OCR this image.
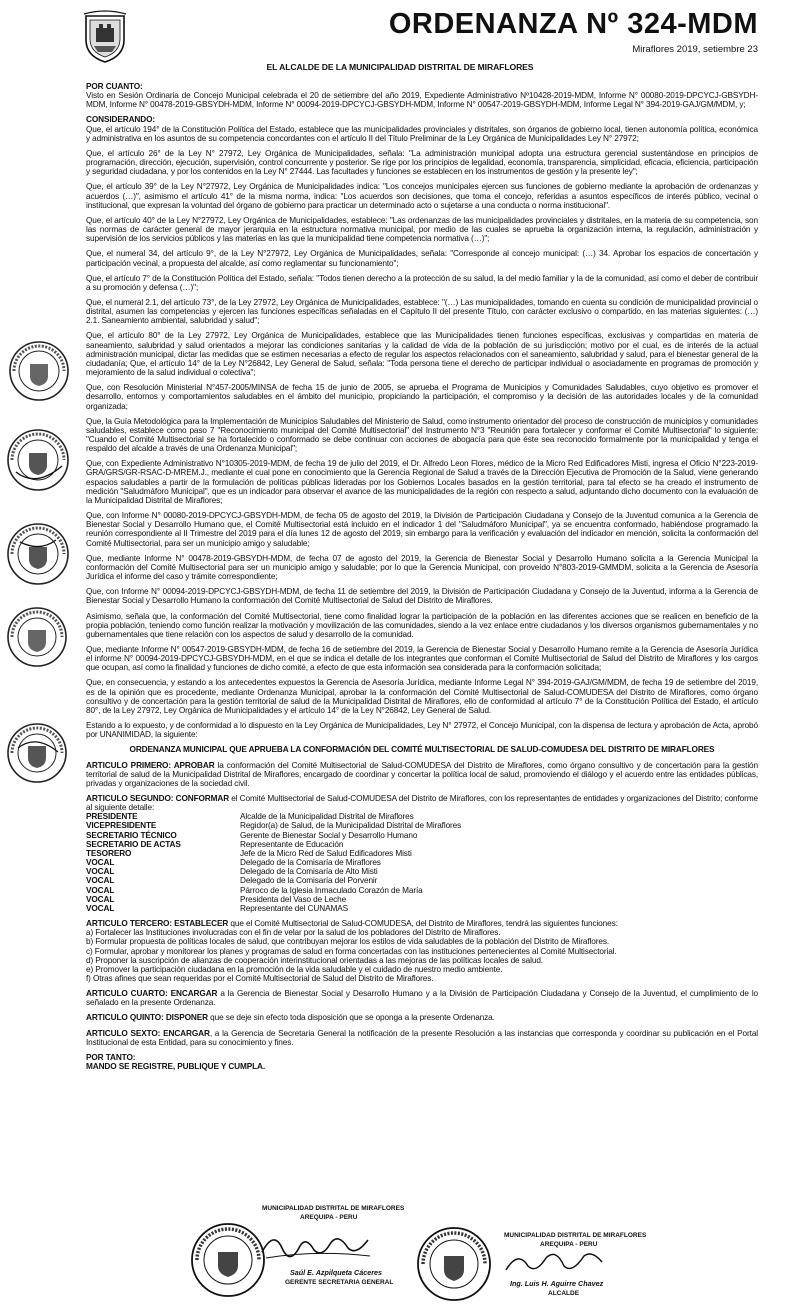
ORDENANZA Nº 324-MDM
Miraflores 2019, setiembre 23
EL ALCALDE DE LA MUNICIPALIDAD DISTRITAL DE MIRAFLORES

POR CUANTO:
Visto en Sesión Ordinaria de Concejo Municipal celebrada el 20 de setiembre del año 2019, Expediente Administrativo Nº10428-2019-MDM, Informe N° 00080-2019-DPCYCJ-GBSYDH-MDM, Informe N° 00478-2019-GBSYDH-MDM, Informe N° 00094-2019-DPCYCJ-GBSYDH-MDM, Informe N° 00547-2019-GBSYDH-MDM, Informe Legal N° 394-2019-GAJ/GM/MDM, y;

CONSIDERANDO:

Que, el artículo 194° de la Constitución Política del Estado, establece que las municipalidades provinciales y distritales, son órganos de gobierno local, tienen autonomía política, económica y administrativa en los asuntos de su competencia concordantes con el artículo II del Título Preliminar de la Ley Orgánica de Municipalidades Ley N° 27972;

Que, el artículo 26° de la Ley N° 27972, Ley Orgánica de Municipalidades, señala: "La administración municipal adopta una estructura gerencial sustentándose en principios de programación, dirección, ejecución, supervisión, control concurrente y posterior. Se rige por los principios de legalidad, economía, transparencia, simplicidad, eficacia, eficiencia, participación y seguridad ciudadana, y por los contenidos en la Ley N° 27444. Las facultades y funciones se establecen en los instrumentos de gestión y la presente ley";

Que, el artículo 39° de la Ley N°27972, Ley Orgánica de Municipalidades indica: "Los concejos municipales ejercen sus funciones de gobierno mediante la aprobación de ordenanzas y acuerdos (…)", asimismo el artículo 41° de la misma norma, indica: "Los acuerdos son decisiones, que toma el concejo, referidas a asuntos específicos de interés público, vecinal o institucional, que expresan la voluntad del órgano de gobierno para practicar un determinado acto o sujetarse a una conducta o norma institucional".

Que, el artículo 40° de la Ley N°27972, Ley Orgánica de Municipalidades, establece: "Las ordenanzas de las municipalidades provinciales y distritales, en la materia de su competencia, son las normas de carácter general de mayor jerarquía en la estructura normativa municipal, por medio de las cuales se aprueba la organización interna, la regulación, administración y supervisión de los servicios públicos y las materias en las que la municipalidad tiene competencia normativa (…)";

Que, el numeral 34, del artículo 9°, de la Ley N°27972, Ley Orgánica de Municipalidades, señala: "Corresponde al concejo municipal: (…) 34. Aprobar los espacios de concertación y participación vecinal, a propuesta del alcalde, así como reglamentar su funcionamiento";

Que, el artículo 7° de la Constitución Política del Estado, señala: "Todos tienen derecho a la protección de su salud, la del medio familiar y la de la comunidad, así como el deber de contribuir a su promoción y defensa (…)";

Que, el numeral 2.1, del artículo 73°, de la Ley 27972, Ley Orgánica de Municipalidades, establece: "(…) Las municipalidades, tomando en cuenta su condición de municipalidad provincial o distrital, asumen las competencias y ejercen las funciones específicas señaladas en el Capítulo II del presente Título, con carácter exclusivo o compartido, en las materias siguientes: (…) 2.1. Saneamiento ambiental, salubridad y salud";

Que, el artículo 80° de la Ley 27972, Ley Orgánica de Municipalidades, establece que las Municipalidades tienen funciones específicas, exclusivas y compartidas en materia de saneamiento, salubridad y salud orientados a mejorar las condiciones sanitarias y la calidad de vida de la población de su jurisdicción; motivo por el cual, es de interés de la actual administración municipal, dictar las medidas que se estimen necesarias a efecto de regular los aspectos relacionados con el saneamiento, salubridad y salud, para el bienestar general de la ciudadanía; Que, el artículo 14° de la Ley N°26842, Ley General de Salud, señala: "Toda persona tiene el derecho de participar individual o asociadamente en programas de promoción y mejoramiento de la salud individual o colectiva";

Que, con Resolución Ministerial N°457-2005/MINSA de fecha 15 de junio de 2005, se aprueba el Programa de Municipios y Comunidades Saludables, cuyo objetivo es promover el desarrollo, entornos y comportamientos saludables en el ámbito del municipio, propiciando la participación, el compromiso y la decisión de las autoridades locales y de la comunidad organizada;

Que, la Guía Metodológica para la Implementación de Municipios Saludables del Ministerio de Salud, como instrumento orientador del proceso de construcción de municipios y comunidades saludables, establece como paso 7 "Reconocimiento municipal del Comité Multisectorial" del Instrumento N°3 "Reunión para fortalecer y conformar el Comité Multisectorial" lo siguiente: "Cuando el Comité Multisectorial se ha fortalecido o conformado se debe continuar con acciones de abogacía para que éste sea reconocido formalmente por la municipalidad y tenga el respaldo del alcalde a través de una Ordenanza Municipal";

Que, con Expediente Administrativo N°10305-2019-MDM, de fecha 19 de julio del 2019, el Dr. Alfredo Leon Flores, médico de la Micro Red Edificadores Misti, ingresa el Oficio N°223-2019-GRA/GRS/GR-RSAC-D-MREM.J., mediante el cual pone en conocimiento que la Gerencia Regional de Salud a través de la Dirección Ejecutiva de Promoción de la Salud, viene generando espacios saludables a partir de la formulación de políticas públicas lideradas por los Gobiernos Locales basados en la gestión territorial, para tal efecto se ha creado el instrumento de medición "Saludmáforo Municipal", que es un indicador para observar el avance de las municipalidades de la región con respecto a salud, adjuntando dicho documento con la evaluación de la Municipalidad Distrital de Miraflores;

Que, con Informe N° 00080-2019-DPCYCJ-GBSYDH-MDM, de fecha 05 de agosto del 2019, la División de Participación Ciudadana y Consejo de la Juventud comunica a la Gerencia de Bienestar Social y Desarrollo Humano que, el Comité Multisectorial está incluido en el indicador 1 del "Saludmáforo Municipal", ya se encuentra conformado, habiéndose programado la reunión correspondiente al II Trimestre del 2019 para el día lunes 12 de agosto del 2019, sin embargo para la verificación y evaluación del indicador en mención, solicita la conformación del Comité Multisectorial, para ser un municipio amigo y saludable;

Que, mediante Informe N° 00478-2019-GBSYDH-MDM, de fecha 07 de agosto del 2019, la Gerencia de Bienestar Social y Desarrollo Humano solicita a la Gerencia Municipal la conformación del Comité Multisectorial para ser un municipio amigo y saludable; por lo que la Gerencia Municipal, con proveído N°803-2019-GMMDM, solicita a la Gerencia de Asesoría Jurídica el informe del caso y trámite correspondiente;

Que, con Informe N° 00094-2019-DPCYCJ-GBSYDH-MDM, de fecha 11 de setiembre del 2019, la División de Participación Ciudadana y Consejo de la Juventud, informa a la Gerencia de Bienestar Social y Desarrollo Humano la conformación del Comité Multisectorial de Salud del Distrito de Miraflores.

Asimismo, señala que, la conformación del Comité Multisectorial, tiene como finalidad lograr la participación de la población en las diferentes acciones que se realicen en beneficio de la propia población, teniendo como función realizar la motivación y movilización de las comunidades, siendo a la vez enlace entre ciudadanos y los diversos organismos gubernamentales y no gubernamentales que tiene relación con los aspectos de salud y desarrollo de la comunidad.

Que, mediante Informe N° 00547-2019-GBSYDH-MDM, de fecha 16 de setiembre del 2019, la Gerencia de Bienestar Social y Desarrollo Humano remite a la Gerencia de Asesoría Jurídica el informe N° 00094-2019-DPCYCJ-GBSYDH-MDM, en el que se indica el detalle de los integrantes que conforman el Comité Multisectorial de Salud del Distrito de Miraflores y los cargos que ocupan, así como la finalidad y funciones de dicho comité, a efecto de que esta información sea considerada para la conformación solicitada;

Que, en consecuencia, y estando a los antecedentes expuestos la Gerencia de Asesoría Jurídica, mediante Informe Legal N° 394-2019-GAJ/GM/MDM, de fecha 19 de setiembre del 2019, es de la opinión que es procedente, mediante Ordenanza Municipal, aprobar la la conformación del Comité Multisectorial de Salud-COMUDESA del Distrito de Miraflores, como órgano consultivo y de concertación para la gestión territorial de salud de la Municipalidad Distrital de Miraflores, ello de conformidad al artículo 7° de la Constitución Política del Estado, el artículo 80°, de la Ley 27972, Ley Orgánica de Municipalidades y el artículo 14° de la Ley N°26842, Ley General de Salud.

Estando a lo expuesto, y de conformidad a lo dispuesto en la Ley Orgánica de Municipalidades, Ley N° 27972, el Concejo Municipal, con la dispensa de lectura y aprobación de Acta, aprobó por UNANIMIDAD, la siguiente:

ORDENANZA MUNICIPAL QUE APRUEBA LA CONFORMACIÓN DEL COMITÉ MULTISECTORIAL DE SALUD-COMUDESA DEL DISTRITO DE MIRAFLORES

ARTICULO PRIMERO: APROBAR la conformación del Comité Multisectorial de Salud-COMUDESA del Distrito de Miraflores, como órgano consultivo y de concertación para la gestión territorial de salud de la Municipalidad Distrital de Miraflores, encargado de coordinar y concertar la política local de salud, promoviendo el diálogo y el acuerdo entre las entidades públicas, privadas y organizaciones de la sociedad civil.

ARTICULO SEGUNDO: CONFORMAR el Comité Multisectorial de Salud-COMUDESA del Distrito de Miraflores, con los representantes de entidades y organizaciones del Distrito; conforme al siguiente detalle:

PRESIDENTE	Alcalde de la Municipalidad Distrital de Miraflores
VICEPRESIDENTE	Regidor(a) de Salud, de la Municipalidad Distrital de Miraflores
SECRETARIO TÉCNICO	Gerente de Bienestar Social y Desarrollo Humano
SECRETARIO DE ACTAS	Representante de Educación
TESORERO	Jefe de la Micro Red de Salud Edificadores Misti
VOCAL	Delegado de la Comisaría de Miraflores
VOCAL	Delegado de la Comisaría de Alto Misti
VOCAL	Delegado de la Comisaría del Porvenir
VOCAL	Párroco de la Iglesia Inmaculado Corazón de María
VOCAL	Presidenta del Vaso de Leche
VOCAL	Representante del CUNAMAS

ARTICULO TERCERO: ESTABLECER que el Comité Multisectorial de Salud-COMUDESA, del Distrito de Miraflores, tendrá las siguientes funciones:

a) Fortalecer las Instituciones involucradas con el fin de velar por la salud de los pobladores del Distrito de Miraflores.
b) Formular propuesta de políticas locales de salud, que contribuyan mejorar los estilos de vida saludables de la población del Distrito de Miraflores.
c) Formular, aprobar y monitorear los planes y programas de salud en forma concertadas con las instituciones pertenecientes al Comité Multisectorial.
d) Proponer la suscripción de alianzas de cooperación interinstitucional orientadas a las mejoras de las políticas locales de salud.
e) Promover la participación ciudadana en la promoción de la vida saludable y el cuidado de nuestro medio ambiente.
f) Otras afines que sean requeridas por el Comité Multisectorial de Salud del Distrito de Miraflores.

ARTICULO CUARTO: ENCARGAR a la Gerencia de Bienestar Social y Desarrollo Humano y a la División de Participación Ciudadana y Consejo de la Juventud, el cumplimiento de lo señalado en la presente Ordenanza.

ARTICULO QUINTO: DISPONER que se deje sin efecto toda disposición que se oponga a la presente Ordenanza.

ARTICULO SEXTO: ENCARGAR, a la Gerencia de Secretaria General la notificación de la presente Resolución a las instancias que corresponda y coordinar su publicación en el Portal Institucional de esta Entidad, para su conocimiento y fines.

POR TANTO:
MANDO SE REGISTRE, PUBLIQUE Y CUMPLA.
MUNICIPALIDAD DISTRITAL DE MIRAFLORES
AREQUIPA - PERU
Saúl E. Azpilqueta Cáceres
GERENTE SECRETARIA GENERAL
MUNICIPALIDAD DISTRITAL DE MIRAFLORES
AREQUIPA - PERU
Ing. Luis H. Aguirre Chavez
ALCALDE
